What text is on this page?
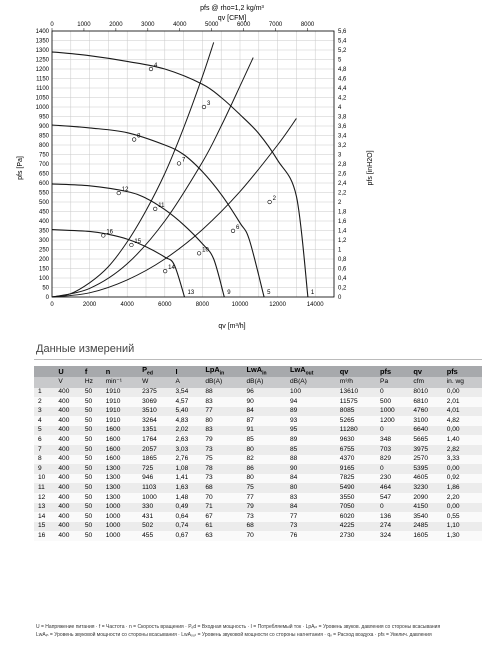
pfs @ rho=1,2 kg/m³
qv [CFM]
qv [m³/h]
pfs [Pa]	pfs [inH2O]
0	0
50	0,2
100	0,4
150	0,6
200	0,8
250	1
300	1,2
350	1,4
400	1,6
450	1,8
500	2
550	2,2
600	2,4
650	2,6
700	2,8
750	3
800	3,2
850	3,4
900	3,6
950	3,8
1000	4
1050	4,2
1100	4,4
1150	4,6
1200	4,8
1250	5
1300	5,2
1350	5,4
1400	5,6
0	2000	4000	6000	8000	10000	12000	14000
0	1000	2000	3000	4000	5000	6000	7000	8000
1
2
3
4
5
6
7
8
9
10
11
12
13
14
15
16
Данные измерений
	U	f	n	$P_{ed}$	I	LpA$_{in}$	LwA$_{in}$	LwA$_{out}$	qv	pfs	qv	pfs
	V	Hz	min⁻¹	W	A	dB(A)	dB(A)	dB(A)	m³/h	Pa	cfm	in. wg
1	400	50	1910	2375	3,54	88	96	100	13610	0	8010	0,00
2	400	50	1910	3069	4,57	83	90	94	11575	500	6810	2,01
3	400	50	1910	3510	5,40	77	84	89	8085	1000	4760	4,01
4	400	50	1910	3264	4,83	80	87	93	5265	1200	3100	4,82
5	400	50	1600	1351	2,02	83	91	95	11280	0	6640	0,00
6	400	50	1600	1764	2,63	79	85	89	9630	348	5665	1,40
7	400	50	1600	2057	3,03	73	80	85	6755	703	3975	2,82
8	400	50	1600	1865	2,76	75	82	88	4370	829	2570	3,33
9	400	50	1300	725	1,08	78	86	90	9165	0	5395	0,00
10	400	50	1300	946	1,41	73	80	84	7825	230	4605	0,92
11	400	50	1300	1103	1,63	68	75	80	5490	464	3230	1,86
12	400	50	1300	1000	1,48	70	77	83	3550	547	2090	2,20
13	400	50	1000	330	0,49	71	79	84	7050	0	4150	0,00
14	400	50	1000	431	0,64	67	73	77	6020	136	3540	0,55
15	400	50	1000	502	0,74	61	68	73	4225	274	2485	1,10
16	400	50	1000	455	0,67	63	70	76	2730	324	1605	1,30
U = Напряжение питания · f = Частота · n = Скорость вращения · Pₑd = Входная мощность · I = Потребляемый ток · LpAᵢₙ = Уровень звуков. давления со стороны всасывания
LwAᵢₙ = Уровень звуковой мощности со стороны всасывания · LwAₒᵤₜ = Уровень звуковой мощности со стороны нагнетания · qᵥ = Расход воздуха · pfs = Увелич. давления
